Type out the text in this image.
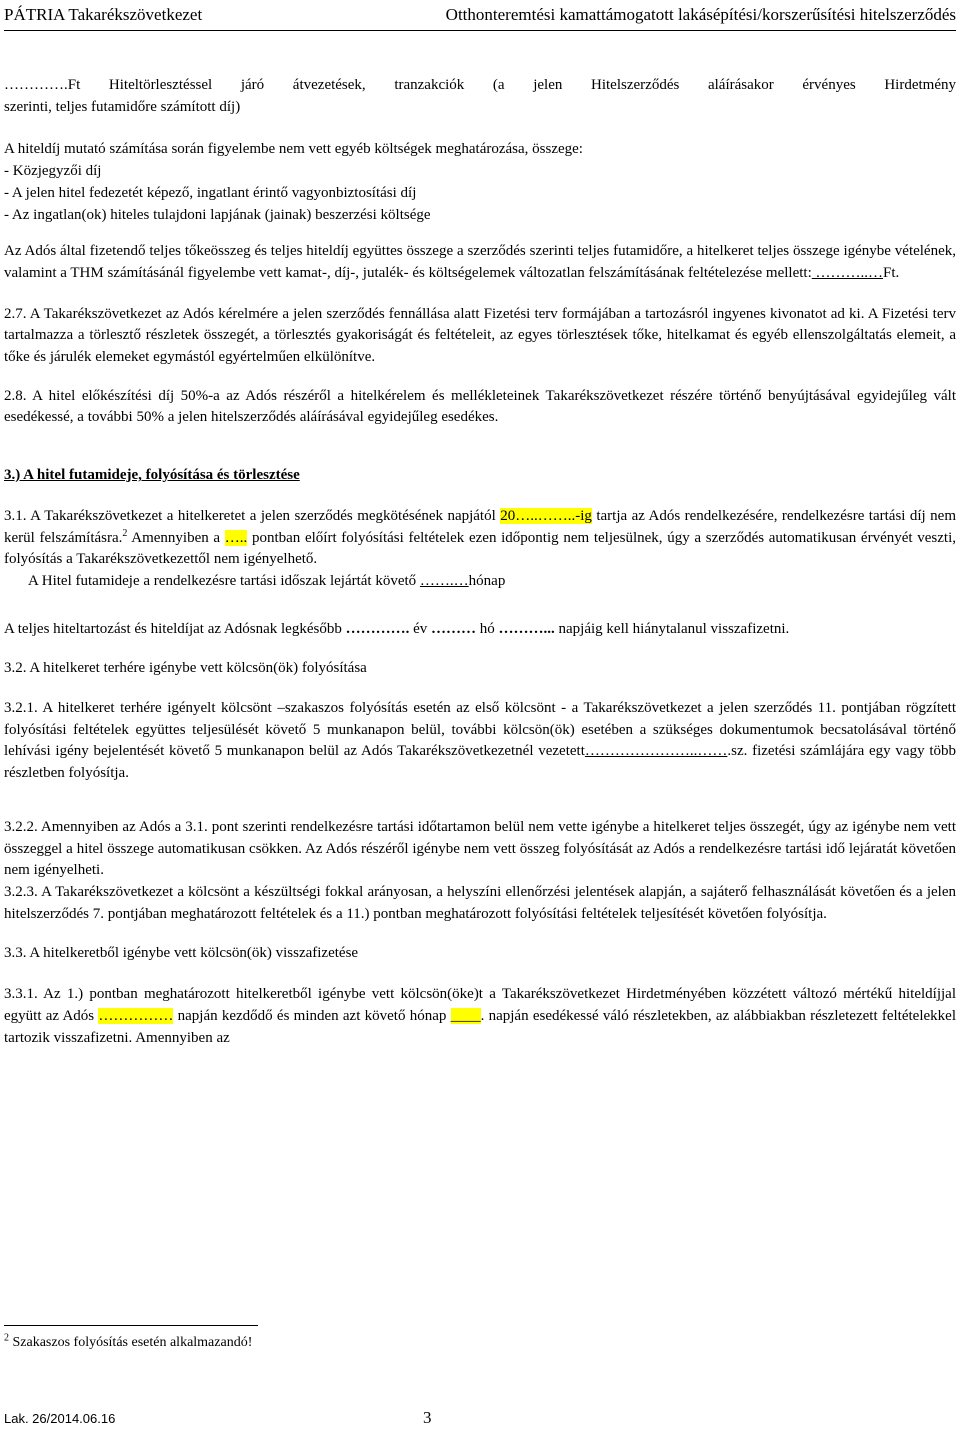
PÁTRIA Takarékszövetkezet	Otthonteremtési kamattámogatott lakásépítési/korszerűsítési hitelszerződés

………….Ft Hiteltörlesztéssel járó átvezetések, tranzakciók (a jelen Hitelszerződés aláírásakor érvényes Hirdetmény

szerinti, teljes futamidőre számított díj)

A hiteldíj mutató számítása során figyelembe nem vett egyéb költségek meghatározása, összege:

- Közjegyzői díj

- A jelen hitel fedezetét képező, ingatlant érintő vagyonbiztosítási díj

- Az ingatlan(ok) hiteles tulajdoni lapjának (jainak) beszerzési költsége

Az Adós által fizetendő teljes tőkeösszeg és teljes hiteldíj együttes összege a szerződés szerinti teljes futamidőre, a hitelkeret teljes összege igénybe vételének, valamint a THM számításánál figyelembe vett kamat-, díj-, jutalék- és költségelemek változatlan felszámításának feltételezése mellett: ………..…Ft.

2.7. A Takarékszövetkezet az Adós kérelmére a jelen szerződés fennállása alatt Fizetési terv formájában a tartozásról ingyenes kivonatot ad ki. A Fizetési terv tartalmazza a törlesztő részletek összegét, a törlesztés gyakoriságát és feltételeit, az egyes törlesztések tőke, hitelkamat és egyéb ellenszolgáltatás elemeit, a tőke és járulék elemeket egymástól egyértelműen elkülönítve.

2.8. A hitel előkészítési díj 50%-a az Adós részéről a hitelkérelem és mellékleteinek Takarékszövetkezet részére történő benyújtásával egyidejűleg vált esedékessé, a további 50% a jelen hitelszerződés aláírásával egyidejűleg esedékes.

3.) A hitel futamideje, folyósítása és törlesztése

3.1. A Takarékszövetkezet a hitelkeretet a jelen szerződés megkötésének napjától 20…..……..-ig tartja az Adós rendelkezésére, rendelkezésre tartási díj nem kerül felszámításra.$^2$ Amennyiben a ….. pontban előírt folyósítási feltételek ezen időpontig nem teljesülnek, úgy a szerződés automatikusan érvényét veszti, folyósítás a Takarékszövetkezettől nem igényelhető.

A Hitel futamideje a rendelkezésre tartási időszak lejártát követő …….…hónap

A teljes hiteltartozást és hiteldíjat az Adósnak legkésőbb …………. év ……… hó ………... napjáig kell hiánytalanul visszafizetni.

3.2. A hitelkeret terhére igénybe vett kölcsön(ök) folyósítása

3.2.1. A hitelkeret terhére igényelt kölcsönt –szakaszos folyósítás esetén az első kölcsönt - a Takarékszövetkezet a jelen szerződés 11. pontjában rögzített folyósítási feltételek együttes teljesülését követő 5 munkanapon belül, további kölcsön(ök) esetében a szükséges dokumentumok becsatolásával történő lehívási igény bejelentését követő 5 munkanapon belül az Adós Takarékszövetkezetnél vezetett…………………..…….sz. fizetési számlájára egy vagy több részletben folyósítja.

3.2.2. Amennyiben az Adós a 3.1. pont szerinti rendelkezésre tartási időtartamon belül nem vette igénybe a hitelkeret teljes összegét, úgy az igénybe nem vett összeggel a hitel összege automatikusan csökken. Az Adós részéről igénybe nem vett összeg folyósítását az Adós a rendelkezésre tartási idő lejáratát követően nem igényelheti.

3.2.3. A Takarékszövetkezet a kölcsönt a készültségi fokkal arányosan, a helyszíni ellenőrzési jelentések alapján, a sajáterő felhasználását követően és a jelen hitelszerződés 7. pontjában meghatározott feltételek és a 11.) pontban meghatározott folyósítási feltételek teljesítését követően folyósítja.

3.3. A hitelkeretből igénybe vett kölcsön(ök) visszafizetése

3.3.1. Az 1.) pontban meghatározott hitelkeretből igénybe vett kölcsön(öke)t a Takarékszövetkezet Hirdetményében közzétett változó mértékű hiteldíjjal együtt az Adós …………… napján kezdődő és minden azt követő hónap ____. napján esedékessé váló részletekben, az alábbiakban részletezett feltételekkel tartozik visszafizetni. Amennyiben az

$^2$ Szakaszos folyósítás esetén alkalmazandó!

Lak. 26/2014.06.16	3
